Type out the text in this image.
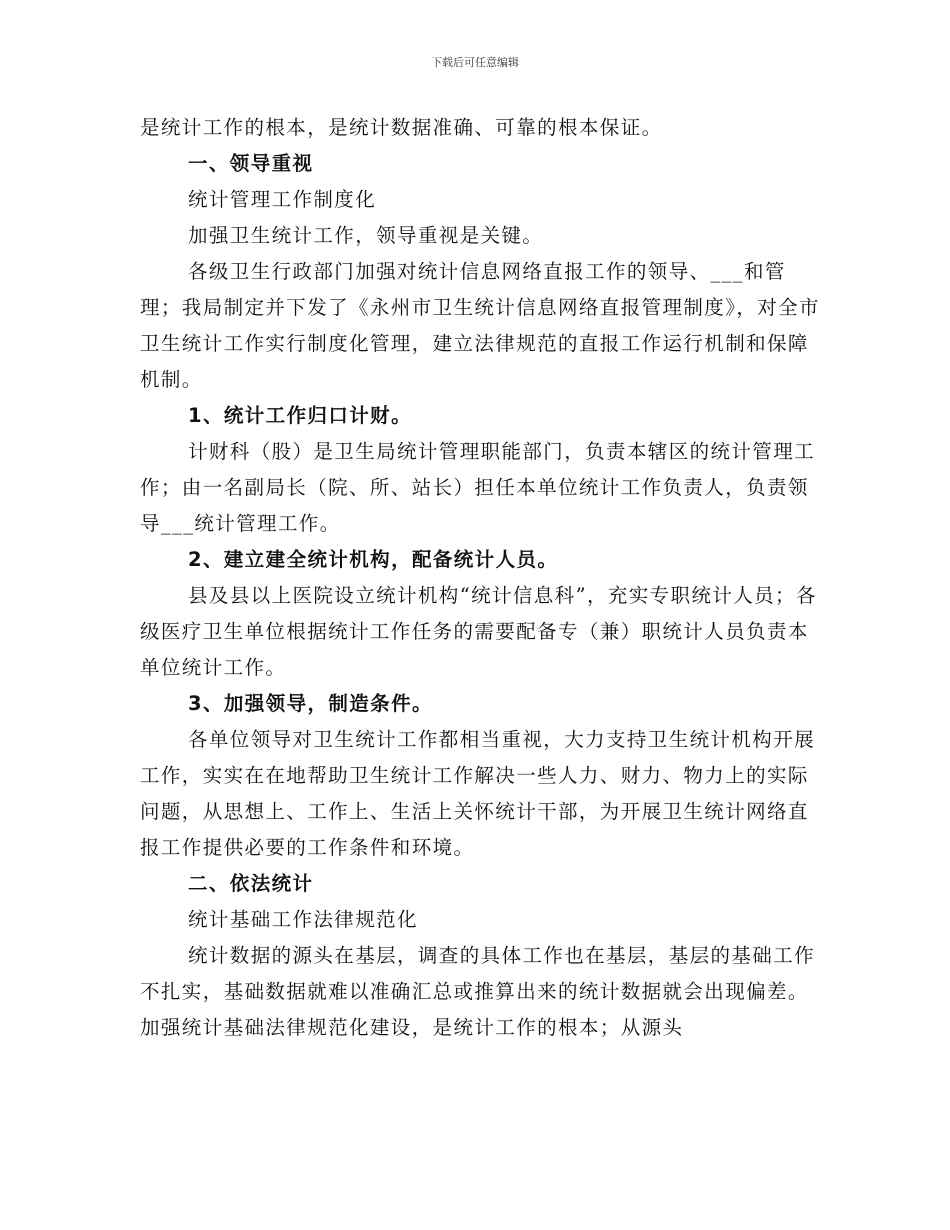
下载后可任意编辑

是统计工作的根本，是统计数据准确、可靠的根本保证。

一、领导重视

统计管理工作制度化

加强卫生统计工作，领导重视是关键。

各级卫生行政部门加强对统计信息网络直报工作的领导、___和管理；我局制定并下发了《永州市卫生统计信息网络直报管理制度》，对全市卫生统计工作实行制度化管理，建立法律规范的直报工作运行机制和保障机制。

1、统计工作归口计财。

计财科（股）是卫生局统计管理职能部门，负责本辖区的统计管理工作；由一名副局长（院、所、站长）担任本单位统计工作负责人，负责领导___统计管理工作。

2、建立建全统计机构，配备统计人员。

县及县以上医院设立统计机构“统计信息科”，充实专职统计人员；各级医疗卫生单位根据统计工作任务的需要配备专（兼）职统计人员负责本单位统计工作。

3、加强领导，制造条件。

各单位领导对卫生统计工作都相当重视，大力支持卫生统计机构开展工作，实实在在地帮助卫生统计工作解决一些人力、财力、物力上的实际问题，从思想上、工作上、生活上关怀统计干部，为开展卫生统计网络直报工作提供必要的工作条件和环境。

二、依法统计

统计基础工作法律规范化

统计数据的源头在基层，调查的具体工作也在基层，基层的基础工作不扎实，基础数据就难以准确汇总或推算出来的统计数据就会出现偏差。加强统计基础法律规范化建设，是统计工作的根本；从源头
